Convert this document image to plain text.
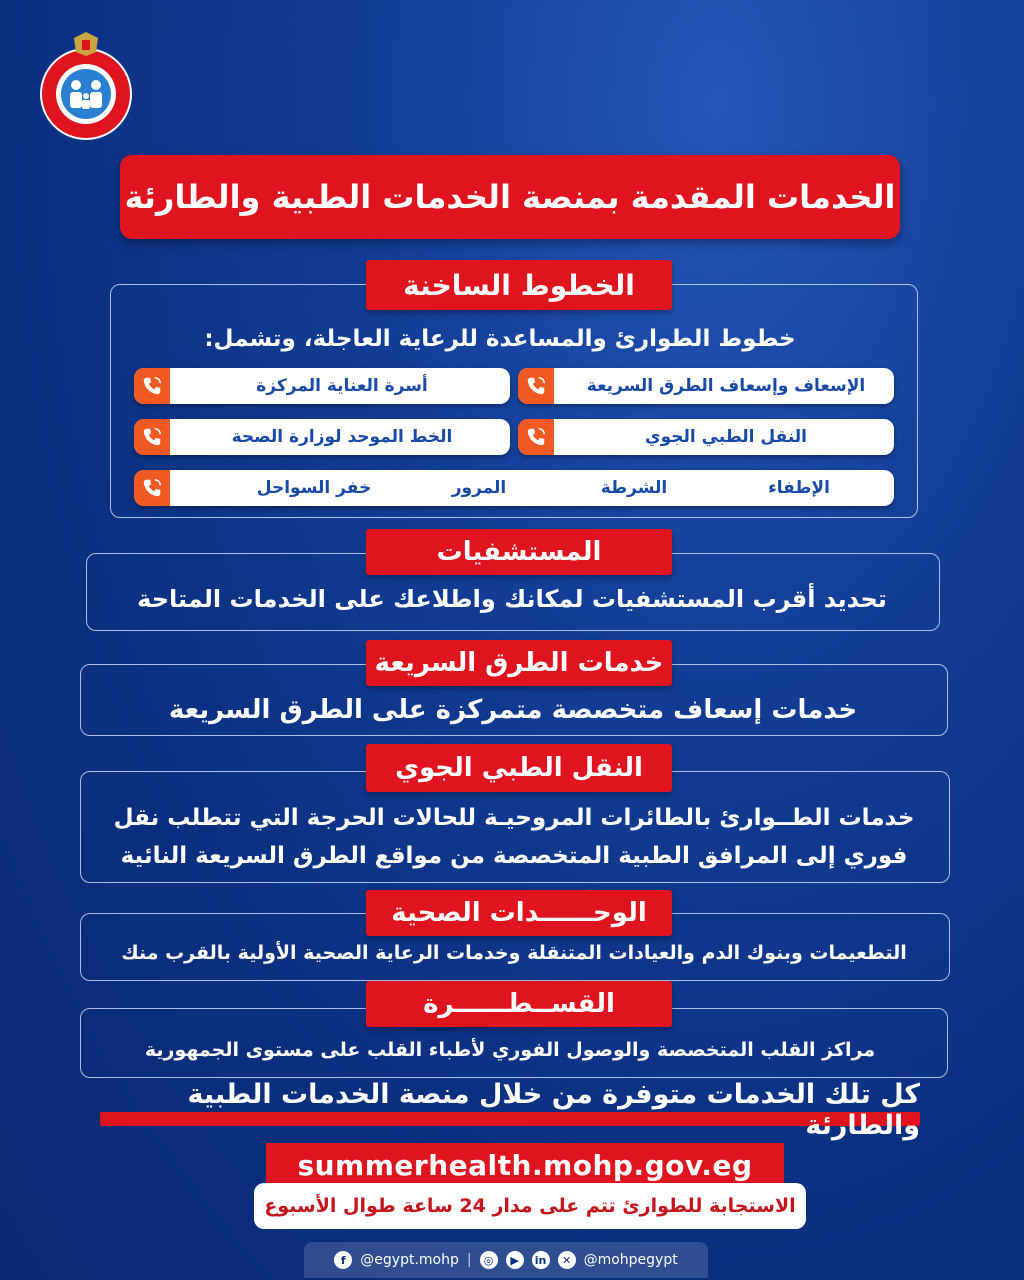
الخدمات المقدمة بمنصة الخدمات الطبية والطارئة
الخطوط الساخنة
خطوط الطوارئ والمساعدة للرعاية العاجلة، وتشمل:
أسرة العناية المركزة	الإسعاف وإسعاف الطرق السريعة
الخط الموحد لوزارة الصحة	النقل الطبي الجوي
خفر السواحل	المرور	الشرطة	الإطفاء
المستشفيات
تحديد أقرب المستشفيات لمكانك واطلاعك على الخدمات المتاحة
خدمات الطرق السريعة
خدمات إسعاف متخصصة متمركزة على الطرق السريعة
النقل الطبي الجوي
خدمات الطــوارئ بالطائرات المروحيـة للحالات الحرجة التي تتطلب نقل
فوري إلى المرافق الطبية المتخصصة من مواقع الطرق السريعة النائية
الوحــــــدات الصحية
التطعيمات وبنوك الدم والعيادات المتنقلة وخدمات الرعاية الصحية الأولية بالقرب منك
القســطــــــرة
مراكز القلب المتخصصة والوصول الفوري لأطباء القلب على مستوى الجمهورية
كل تلك الخدمات متوفرة من خلال منصة الخدمات الطبية والطارئة
summerhealth.mohp.gov.eg
الاستجابة للطوارئ تتم على مدار 24 ساعة طوال الأسبوع
f	@egypt.mohp |	◎	▶	in	✕ @mohpegypt
